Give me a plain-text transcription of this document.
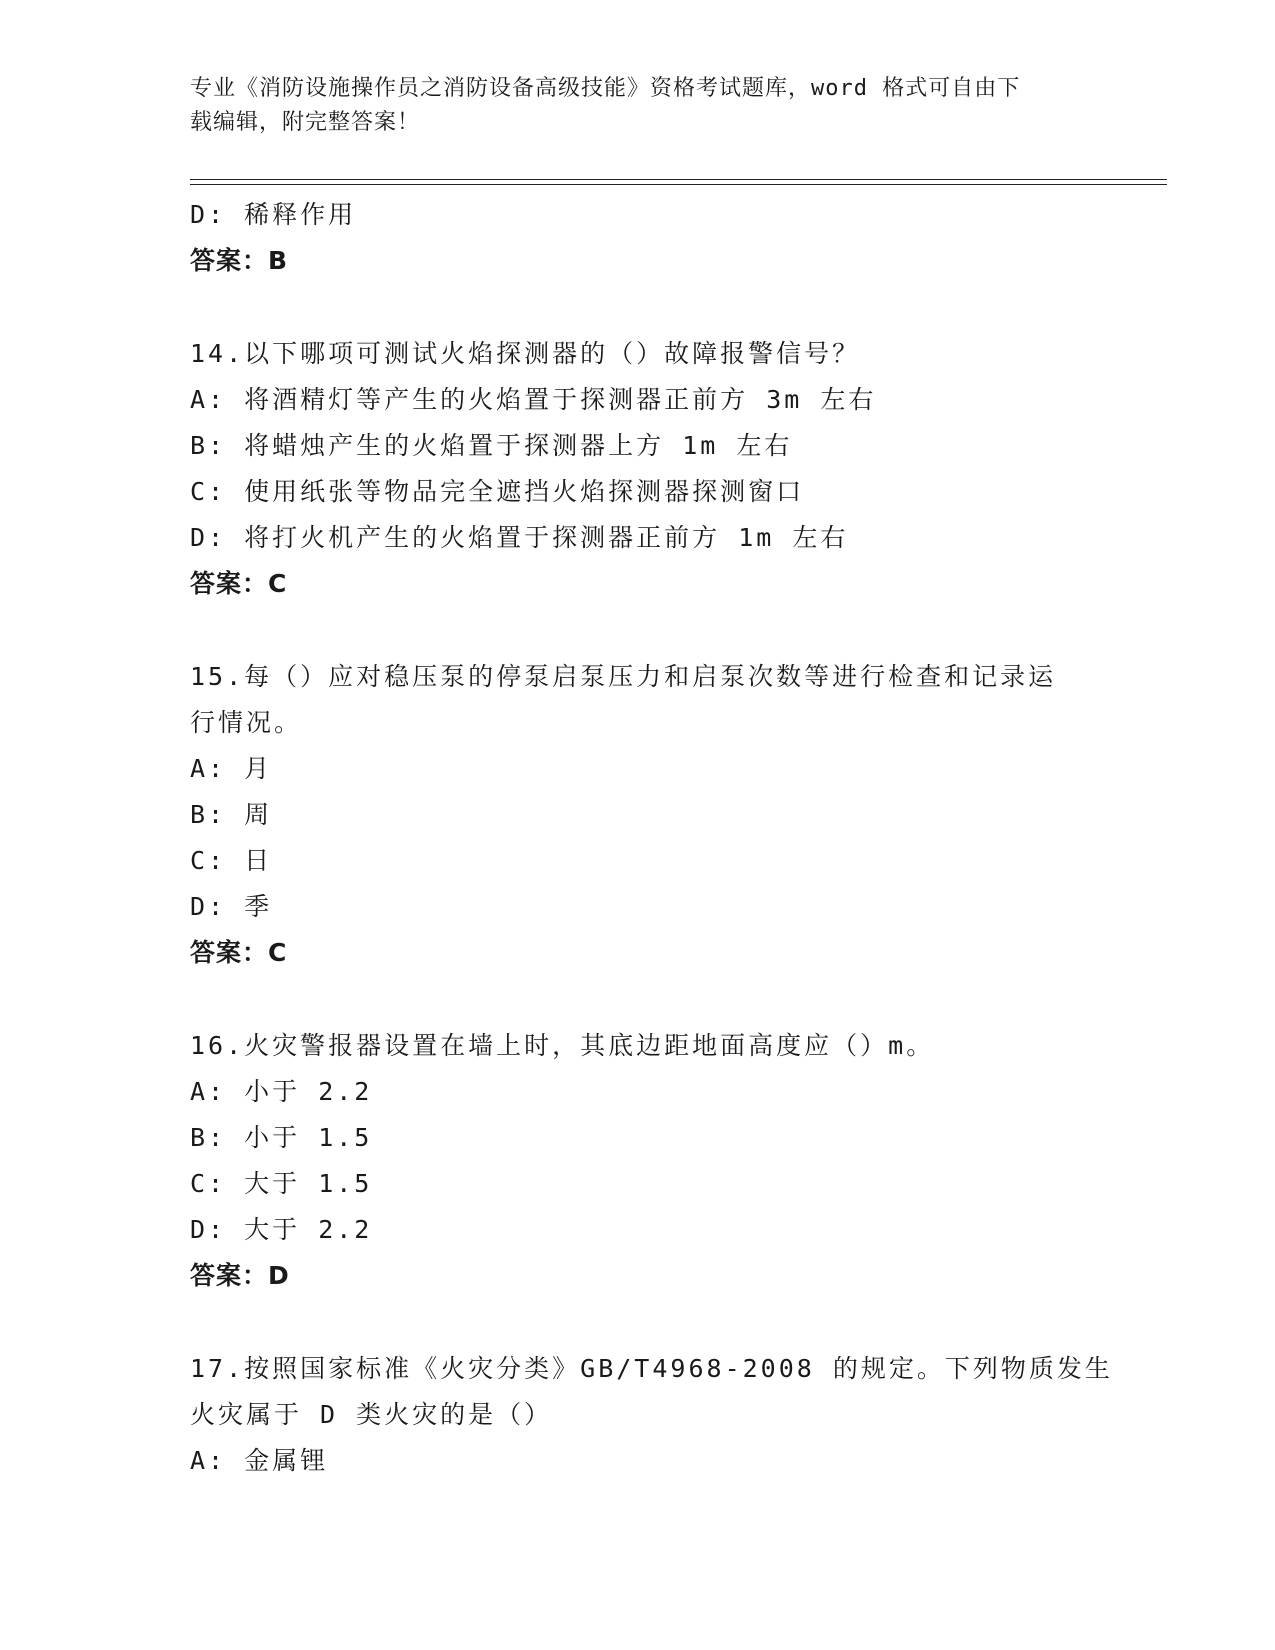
专业《消防设施操作员之消防设备高级技能》资格考试题库，word 格式可自由下
载编辑，附完整答案！
D: 稀释作用
答案：B
14.以下哪项可测试火焰探测器的（）故障报警信号？
A: 将酒精灯等产生的火焰置于探测器正前方 3m 左右
B: 将蜡烛产生的火焰置于探测器上方 1m 左右
C: 使用纸张等物品完全遮挡火焰探测器探测窗口
D: 将打火机产生的火焰置于探测器正前方 1m 左右
答案：C
15.每（）应对稳压泵的停泵启泵压力和启泵次数等进行检查和记录运
行情况。
A: 月
B: 周
C: 日
D: 季
答案：C
16.火灾警报器设置在墙上时，其底边距地面高度应（）m。
A: 小于 2.2
B: 小于 1.5
C: 大于 1.5
D: 大于 2.2
答案：D
17.按照国家标准《火灾分类》GB/T4968-2008 的规定。下列物质发生
火灾属于 D 类火灾的是（）
A: 金属锂
